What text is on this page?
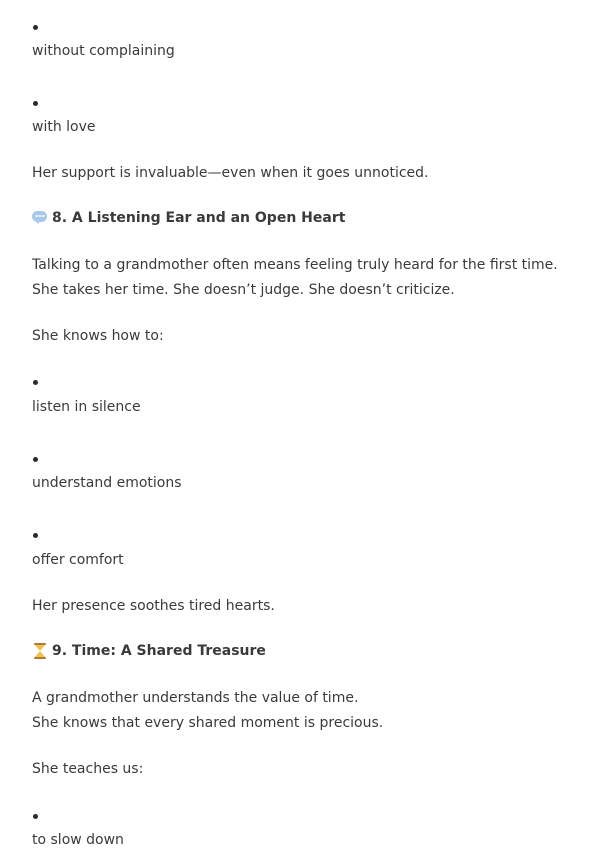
without complaining
with love
Her support is invaluable—even when it goes unnoticed.
8. A Listening Ear and an Open Heart
Talking to a grandmother often means feeling truly heard for the first time.
She takes her time. She doesn’t judge. She doesn’t criticize.
She knows how to:
listen in silence
understand emotions
offer comfort
Her presence soothes tired hearts.
9. Time: A Shared Treasure
A grandmother understands the value of time.
She knows that every shared moment is precious.
She teaches us:
to slow down
